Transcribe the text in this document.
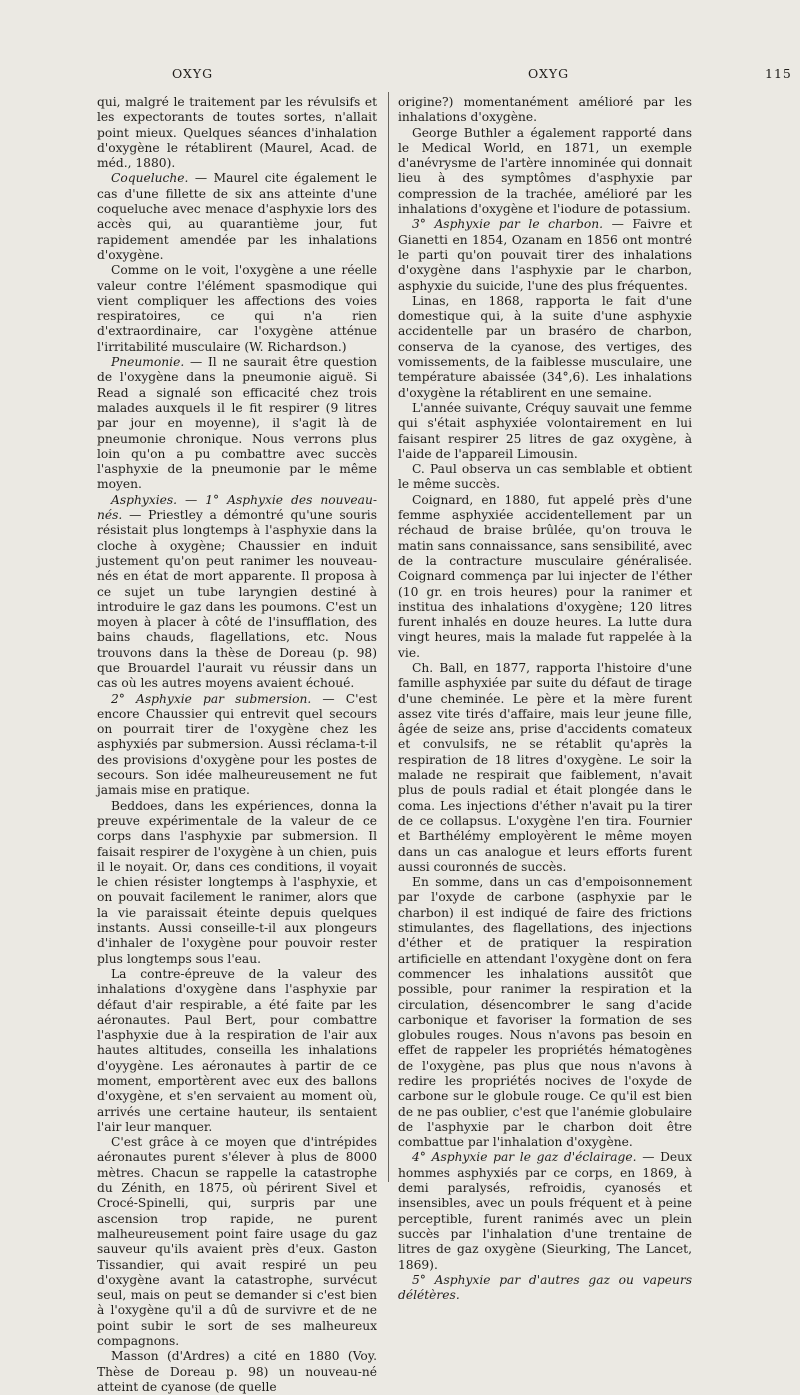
OXYG	OXYG	115

qui, malgré le traitement par les révulsifs et les expectorants de toutes sortes, n'allait point mieux. Quelques séances d'inhalation d'oxygène le rétablirent (Maurel, Acad. de méd., 1880).

Coqueluche. — Maurel cite également le cas d'une fillette de six ans atteinte d'une coqueluche avec menace d'asphyxie lors des accès qui, au quarantième jour, fut rapidement amendée par les inhalations d'oxygène.

Comme on le voit, l'oxygène a une réelle valeur contre l'élément spasmodique qui vient compliquer les affections des voies respiratoires, ce qui n'a rien d'extraordinaire, car l'oxygène atténue l'irritabilité musculaire (W. Richardson.)

Pneumonie. — Il ne saurait être question de l'oxygène dans la pneumonie aiguë. Si Read a signalé son efficacité chez trois malades auxquels il le fit respirer (9 litres par jour en moyenne), il s'agit là de pneumonie chronique. Nous verrons plus loin qu'on a pu combattre avec succès l'asphyxie de la pneumonie par le même moyen.

Asphyxies. — 1° Asphyxie des nouveau-nés. — Priestley a démontré qu'une souris résistait plus longtemps à l'asphyxie dans la cloche à oxygène; Chaussier en induit justement qu'on peut ranimer les nouveau-nés en état de mort apparente. Il proposa à ce sujet un tube laryngien destiné à introduire le gaz dans les poumons. C'est un moyen à placer à côté de l'insufflation, des bains chauds, flagellations, etc. Nous trouvons dans la thèse de Doreau (p. 98) que Brouardel l'aurait vu réussir dans un cas où les autres moyens avaient échoué.

2° Asphyxie par submersion. — C'est encore Chaussier qui entrevit quel secours on pourrait tirer de l'oxygène chez les asphyxiés par submersion. Aussi réclama-t-il des provisions d'oxygène pour les postes de secours. Son idée malheureusement ne fut jamais mise en pratique.

Beddoes, dans les expériences, donna la preuve expérimentale de la valeur de ce corps dans l'asphyxie par submersion. Il faisait respirer de l'oxygène à un chien, puis il le noyait. Or, dans ces conditions, il voyait le chien résister longtemps à l'asphyxie, et on pouvait facilement le ranimer, alors que la vie paraissait éteinte depuis quelques instants. Aussi conseille-t-il aux plongeurs d'inhaler de l'oxygène pour pouvoir rester plus longtemps sous l'eau.

La contre-épreuve de la valeur des inhalations d'oxygène dans l'asphyxie par défaut d'air respirable, a été faite par les aéronautes. Paul Bert, pour combattre l'asphyxie due à la respiration de l'air aux hautes altitudes, conseilla les inhalations d'oyygène. Les aéronautes à partir de ce moment, emportèrent avec eux des ballons d'oxygène, et s'en servaient au moment où, arrivés une certaine hauteur, ils sentaient l'air leur manquer.

C'est grâce à ce moyen que d'intrépides aéronautes purent s'élever à plus de 8000 mètres. Chacun se rappelle la catastrophe du Zénith, en 1875, où périrent Sivel et Crocé-Spinelli, qui, surpris par une ascension trop rapide, ne purent malheureusement point faire usage du gaz sauveur qu'ils avaient près d'eux. Gaston Tissandier, qui avait respiré un peu d'oxygène avant la catastrophe, survécut seul, mais on peut se demander si c'est bien à l'oxygène qu'il a dû de survivre et de ne point subir le sort de ses malheureux compagnons.

Masson (d'Ardres) a cité en 1880 (Voy. Thèse de Doreau p. 98) un nouveau-né atteint de cyanose (de quelle

origine?) momentanément amélioré par les inhalations d'oxygène.

George Buthler a également rapporté dans le Medical World, en 1871, un exemple d'anévrysme de l'artère innominée qui donnait lieu à des symptômes d'asphyxie par compression de la trachée, amélioré par les inhalations d'oxygène et l'iodure de potassium.

3° Asphyxie par le charbon. — Faivre et Gianetti en 1854, Ozanam en 1856 ont montré le parti qu'on pouvait tirer des inhalations d'oxygène dans l'asphyxie par le charbon, asphyxie du suicide, l'une des plus fréquentes.

Linas, en 1868, rapporta le fait d'une domestique qui, à la suite d'une asphyxie accidentelle par un braséro de charbon, conserva de la cyanose, des vertiges, des vomissements, de la faiblesse musculaire, une température abaissée (34°,6). Les inhalations d'oxygène la rétablirent en une semaine.

L'année suivante, Créquy sauvait une femme qui s'était asphyxiée volontairement en lui faisant respirer 25 litres de gaz oxygène, à l'aide de l'appareil Limousin.

C. Paul observa un cas semblable et obtient le même succès.

Coignard, en 1880, fut appelé près d'une femme asphyxiée accidentellement par un réchaud de braise brûlée, qu'on trouva le matin sans connaissance, sans sensibilité, avec de la contracture musculaire généralisée. Coignard commença par lui injecter de l'éther (10 gr. en trois heures) pour la ranimer et institua des inhalations d'oxygène; 120 litres furent inhalés en douze heures. La lutte dura vingt heures, mais la malade fut rappelée à la vie.

Ch. Ball, en 1877, rapporta l'histoire d'une famille asphyxiée par suite du défaut de tirage d'une cheminée. Le père et la mère furent assez vite tirés d'affaire, mais leur jeune fille, âgée de seize ans, prise d'accidents comateux et convulsifs, ne se rétablit qu'après la respiration de 18 litres d'oxygène. Le soir la malade ne respirait que faiblement, n'avait plus de pouls radial et était plongée dans le coma. Les injections d'éther n'avait pu la tirer de ce collapsus. L'oxygène l'en tira. Fournier et Barthélémy employèrent le même moyen dans un cas analogue et leurs efforts furent aussi couronnés de succès.

En somme, dans un cas d'empoisonnement par l'oxyde de carbone (asphyxie par le charbon) il est indiqué de faire des frictions stimulantes, des flagellations, des injections d'éther et de pratiquer la respiration artificielle en attendant l'oxygène dont on fera commencer les inhalations aussitôt que possible, pour ranimer la respiration et la circulation, désencombrer le sang d'acide carbonique et favoriser la formation de ses globules rouges. Nous n'avons pas besoin en effet de rappeler les propriétés hématogènes de l'oxygène, pas plus que nous n'avons à redire les propriétés nocives de l'oxyde de carbone sur le globule rouge. Ce qu'il est bien de ne pas oublier, c'est que l'anémie globulaire de l'asphyxie par le charbon doit être combattue par l'inhalation d'oxygène.

4° Asphyxie par le gaz d'éclairage. — Deux hommes asphyxiés par ce corps, en 1869, à demi paralysés, refroidis, cyanosés et insensibles, avec un pouls fréquent et à peine perceptible, furent ranimés avec un plein succès par l'inhalation d'une trentaine de litres de gaz oxygène (Sieurking, The Lancet, 1869).

5° Asphyxie par d'autres gaz ou vapeurs délétères.
